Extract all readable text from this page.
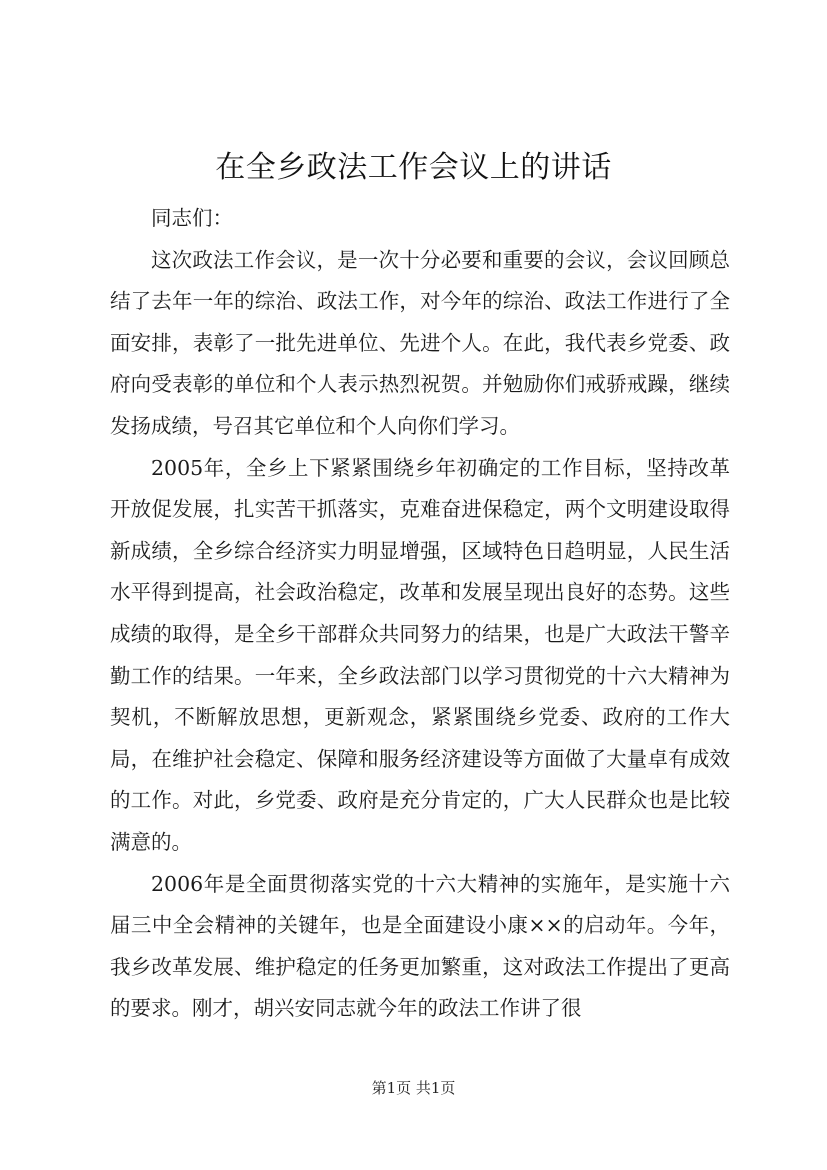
在全乡政法工作会议上的讲话

同志们：

这次政法工作会议，是一次十分必要和重要的会议，会议回顾总结了去年一年的综治、政法工作，对今年的综治、政法工作进行了全面安排，表彰了一批先进单位、先进个人。在此，我代表乡党委、政府向受表彰的单位和个人表示热烈祝贺。并勉励你们戒骄戒躁，继续发扬成绩，号召其它单位和个人向你们学习。

2005年，全乡上下紧紧围绕乡年初确定的工作目标，坚持改革开放促发展，扎实苦干抓落实，克难奋进保稳定，两个文明建设取得新成绩，全乡综合经济实力明显增强，区域特色日趋明显，人民生活水平得到提高，社会政治稳定，改革和发展呈现出良好的态势。这些成绩的取得，是全乡干部群众共同努力的结果，也是广大政法干警辛勤工作的结果。一年来，全乡政法部门以学习贯彻党的十六大精神为契机，不断解放思想，更新观念，紧紧围绕乡党委、政府的工作大局，在维护社会稳定、保障和服务经济建设等方面做了大量卓有成效的工作。对此，乡党委、政府是充分肯定的，广大人民群众也是比较满意的。

2006年是全面贯彻落实党的十六大精神的实施年，是实施十六届三中全会精神的关键年，也是全面建设小康××的启动年。今年，我乡改革发展、维护稳定的任务更加繁重，这对政法工作提出了更高的要求。刚才，胡兴安同志就今年的政法工作讲了很

第1页 共1页
